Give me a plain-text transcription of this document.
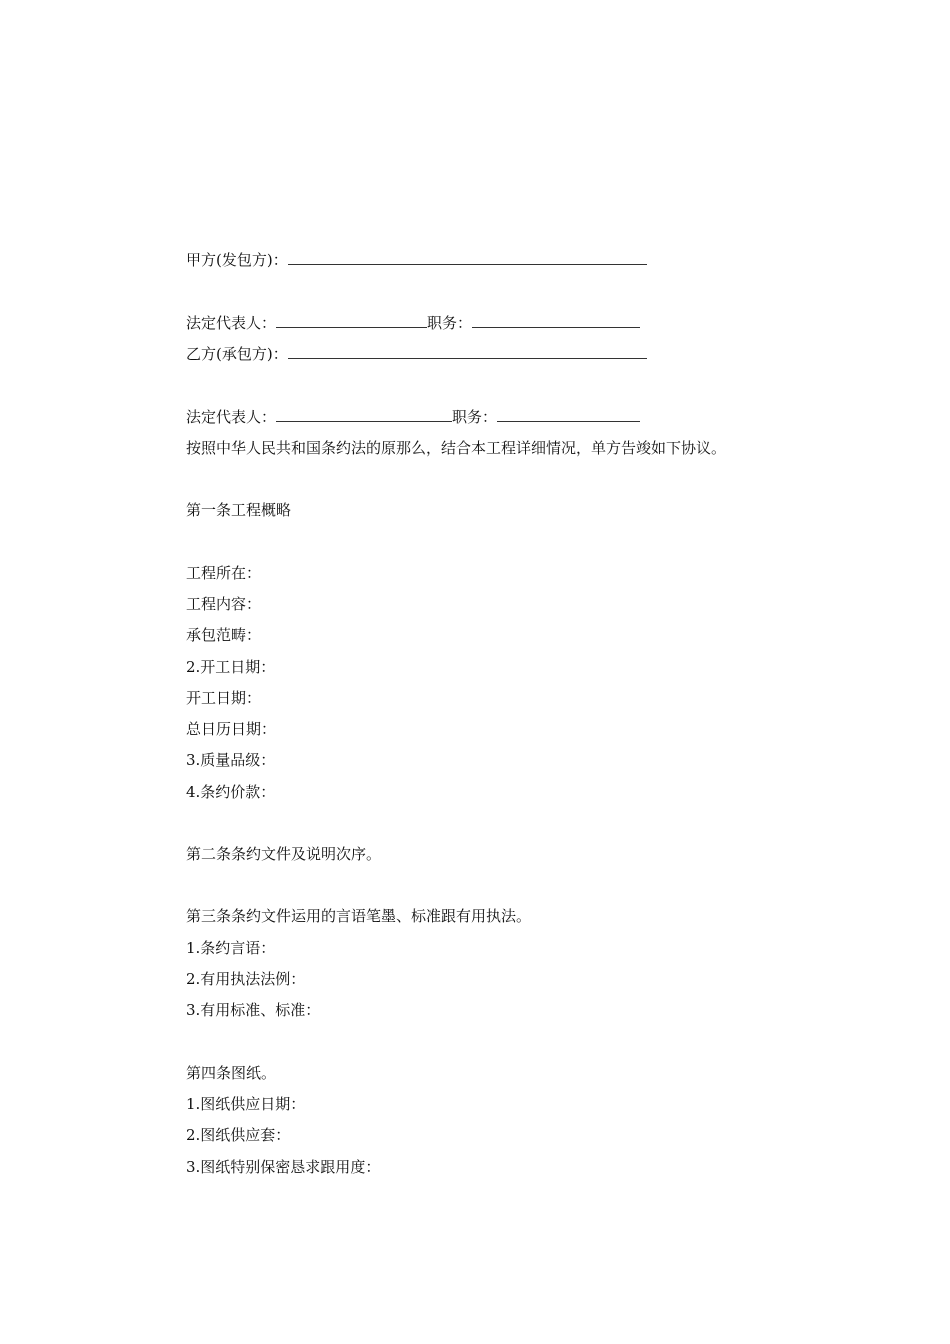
甲方(发包方)：
法定代表人：	职务：
乙方(承包方)：
法定代表人：	职务：
按照中华人民共和国条约法的原那么，结合本工程详细情况，单方告竣如下协议。
第一条工程概略
工程所在：
工程内容：
承包范畴：
2.开工日期：
开工日期：
总日历日期：
3.质量品级：
4.条约价款：
第二条条约文件及说明次序。
第三条条约文件运用的言语笔墨、标准跟有用执法。
1.条约言语：
2.有用执法法例：
3.有用标准、标准：
第四条图纸。
1.图纸供应日期：
2.图纸供应套：
3.图纸特别保密恳求跟用度：
